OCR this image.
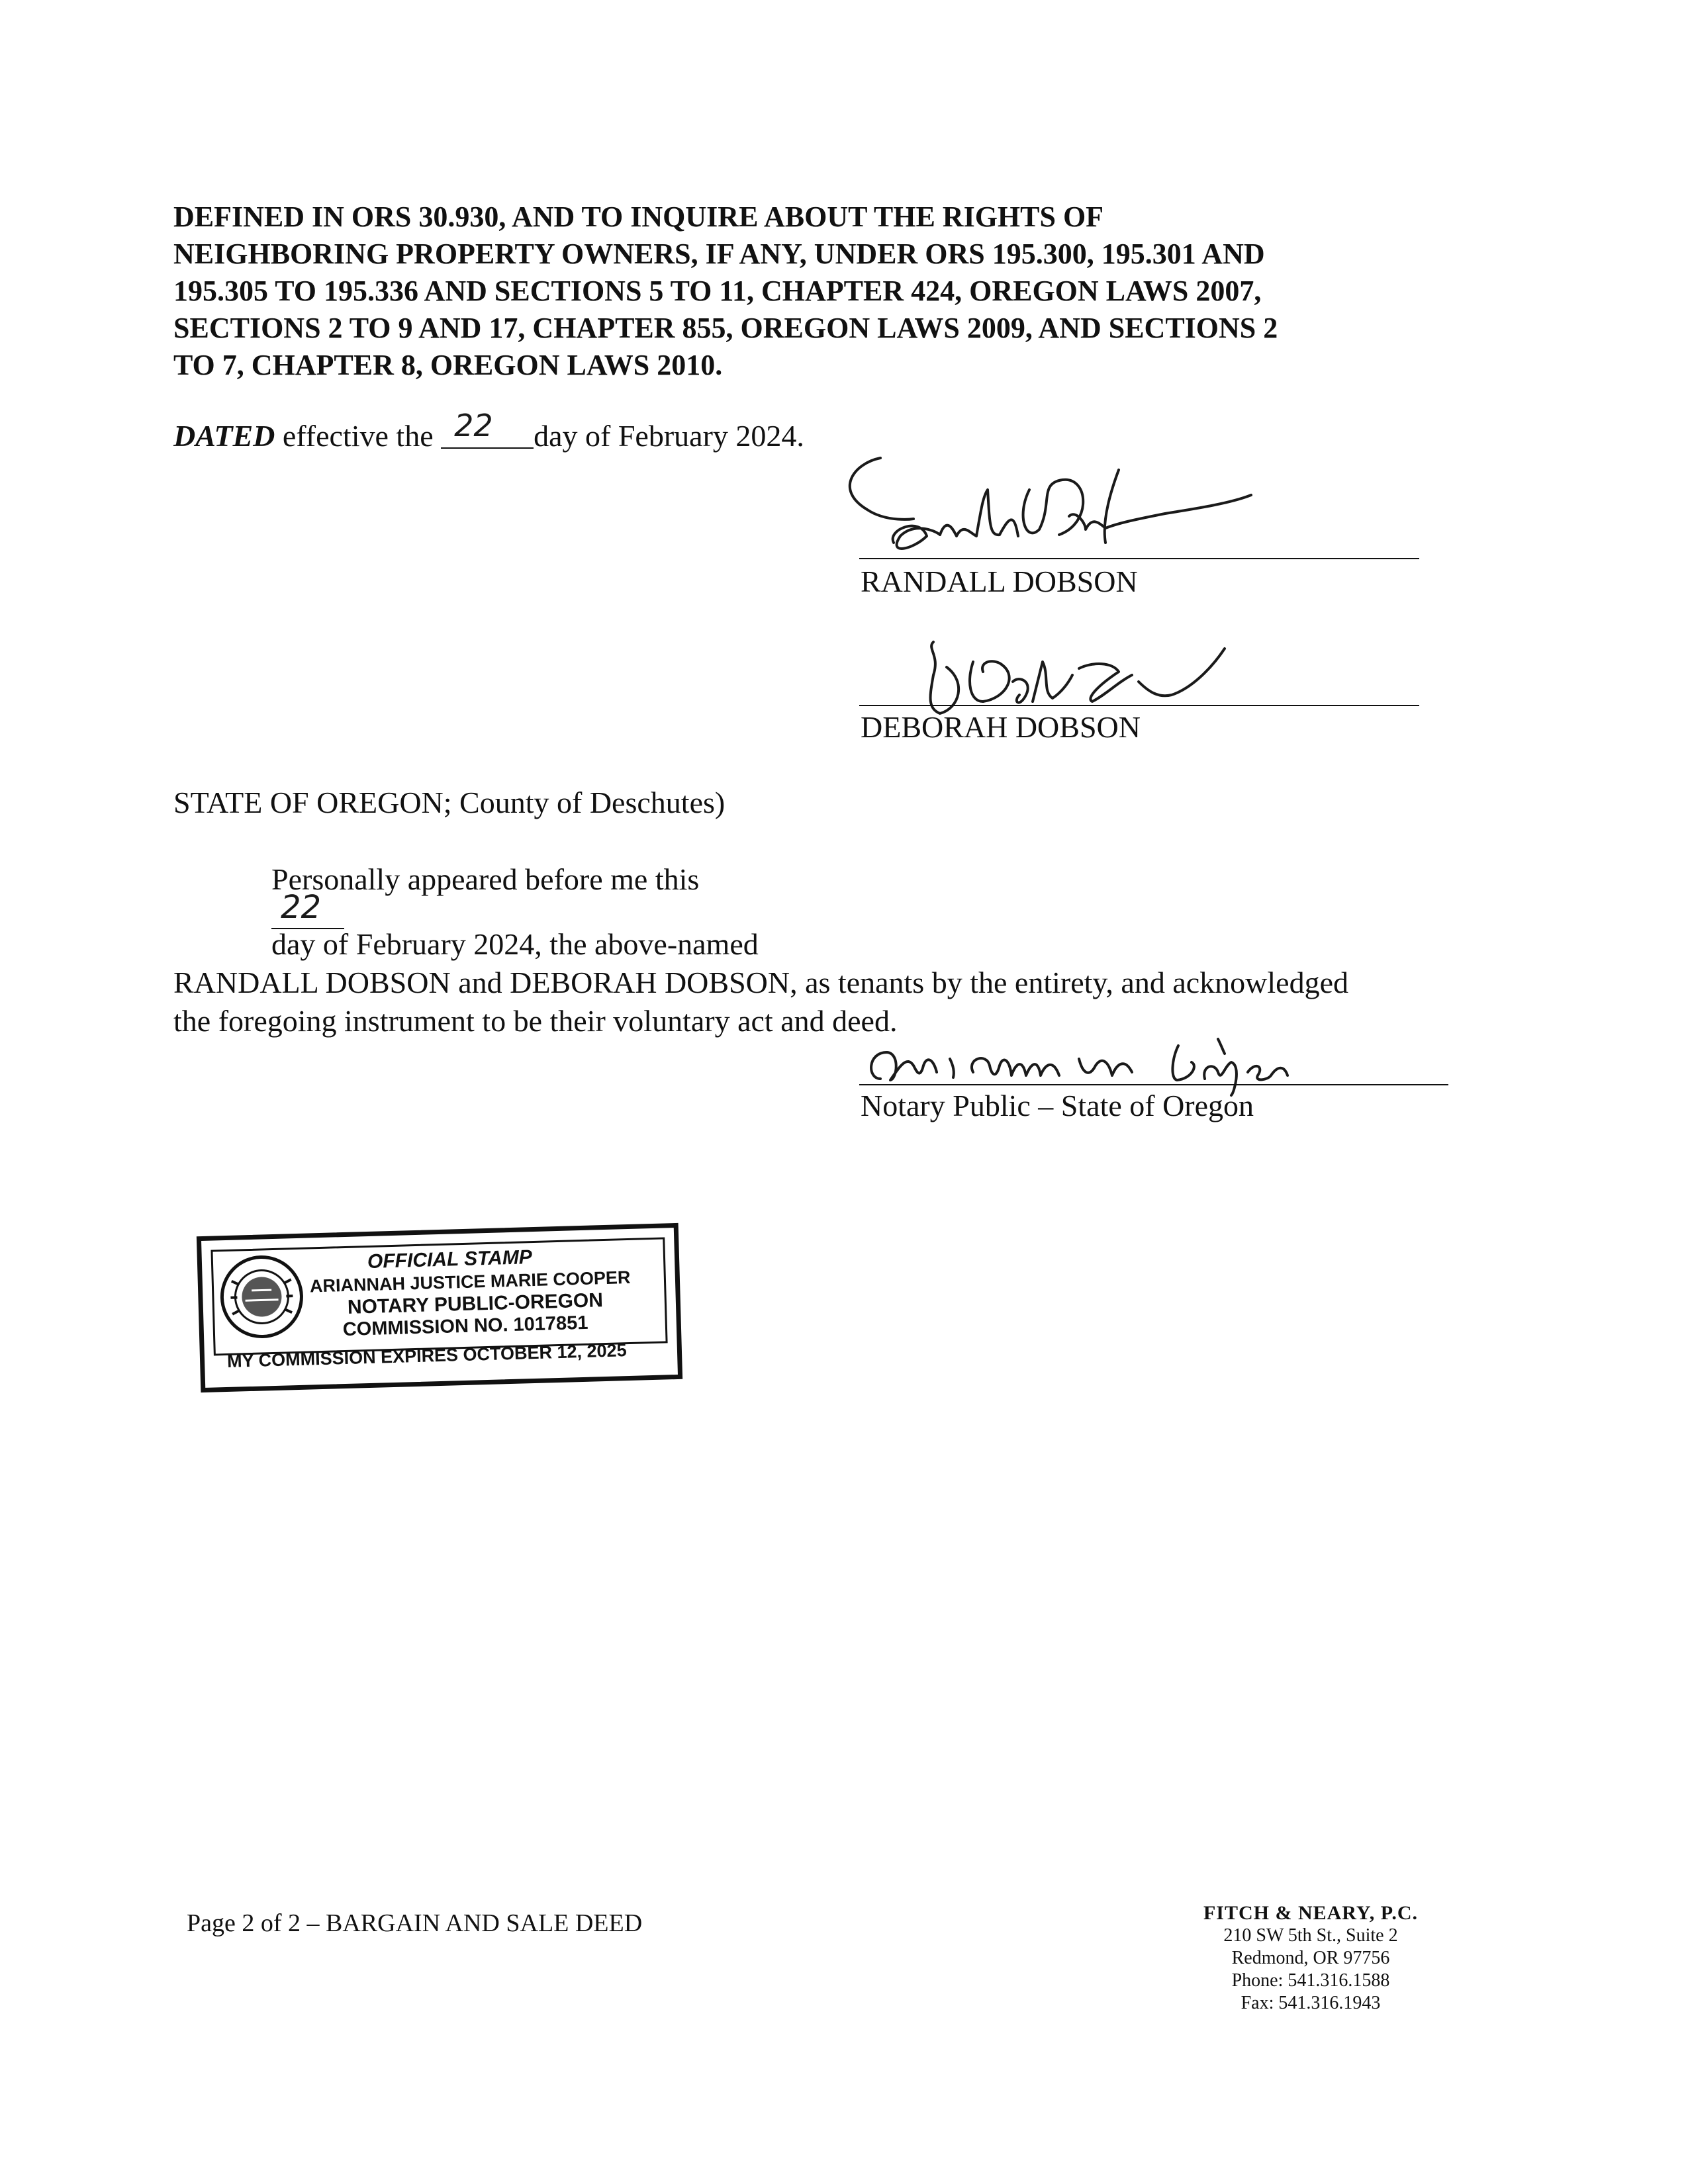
DEFINED IN ORS 30.930, AND TO INQUIRE ABOUT THE RIGHTS OF
NEIGHBORING PROPERTY OWNERS, IF ANY, UNDER ORS 195.300, 195.301 AND
195.305 TO 195.336 AND SECTIONS 5 TO 11, CHAPTER 424, OREGON LAWS 2007,
SECTIONS 2 TO 9 AND 17, CHAPTER 855, OREGON LAWS 2009, AND SECTIONS 2
TO 7, CHAPTER 8, OREGON LAWS 2010.
DATED effective the 22 day of February 2024.
RANDALL DOBSON
DEBORAH DOBSON
STATE OF OREGON; County of Deschutes)
Personally appeared before me this
22
day of February 2024, the above-named
RANDALL DOBSON and DEBORAH DOBSON, as tenants by the entirety, and acknowledged
the foregoing instrument to be their voluntary act and deed.
Notary Public – State of Oregon
OFFICIAL STAMP
ARIANNAH JUSTICE MARIE COOPER
NOTARY PUBLIC-OREGON
COMMISSION NO. 1017851
MY COMMISSION EXPIRES OCTOBER 12, 2025
Page 2 of 2 – BARGAIN AND SALE DEED	FITCH & NEARY, P.C.
210 SW 5th St., Suite 2
Redmond, OR 97756
Phone: 541.316.1588
Fax: 541.316.1943
